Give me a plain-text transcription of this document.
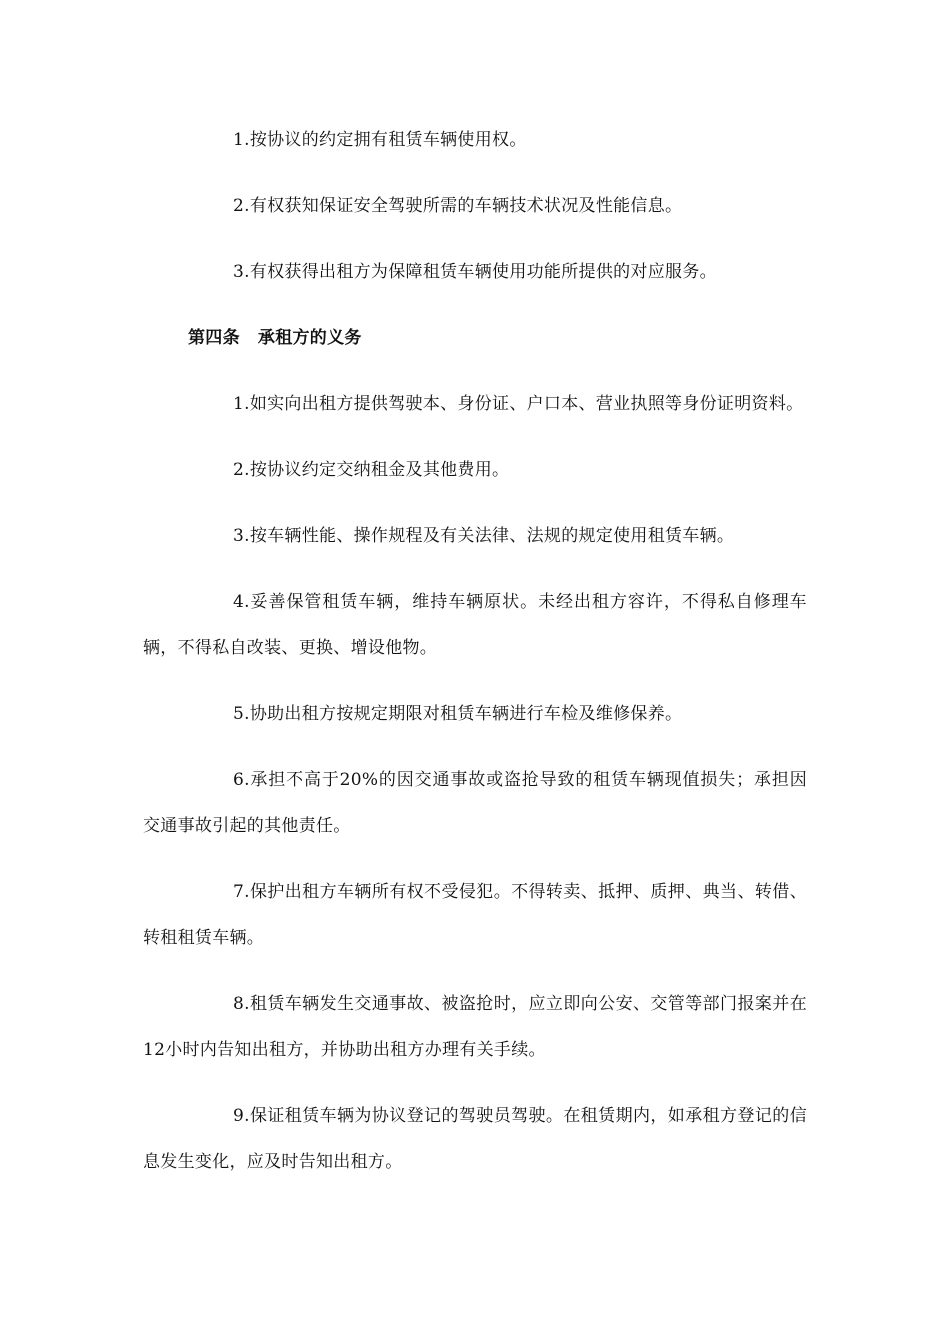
1.按协议的约定拥有租赁车辆使用权。

2.有权获知保证安全驾驶所需的车辆技术状况及性能信息。

3.有权获得出租方为保障租赁车辆使用功能所提供的对应服务。

第四条 承租方的义务

1.如实向出租方提供驾驶本、身份证、户口本、营业执照等身份证明资料。

2.按协议约定交纳租金及其他费用。

3.按车辆性能、操作规程及有关法律、法规的规定使用租赁车辆。

4.妥善保管租赁车辆，维持车辆原状。未经出租方容许，不得私自修理车辆，不得私自改装、更换、增设他物。

5.协助出租方按规定期限对租赁车辆进行车检及维修保养。

6.承担不高于20%的因交通事故或盗抢导致的租赁车辆现值损失；承担因交通事故引起的其他责任。

7.保护出租方车辆所有权不受侵犯。不得转卖、抵押、质押、典当、转借、转租租赁车辆。

8.租赁车辆发生交通事故、被盗抢时，应立即向公安、交管等部门报案并在12小时内告知出租方，并协助出租方办理有关手续。

9.保证租赁车辆为协议登记的驾驶员驾驶。在租赁期内，如承租方登记的信息发生变化，应及时告知出租方。
